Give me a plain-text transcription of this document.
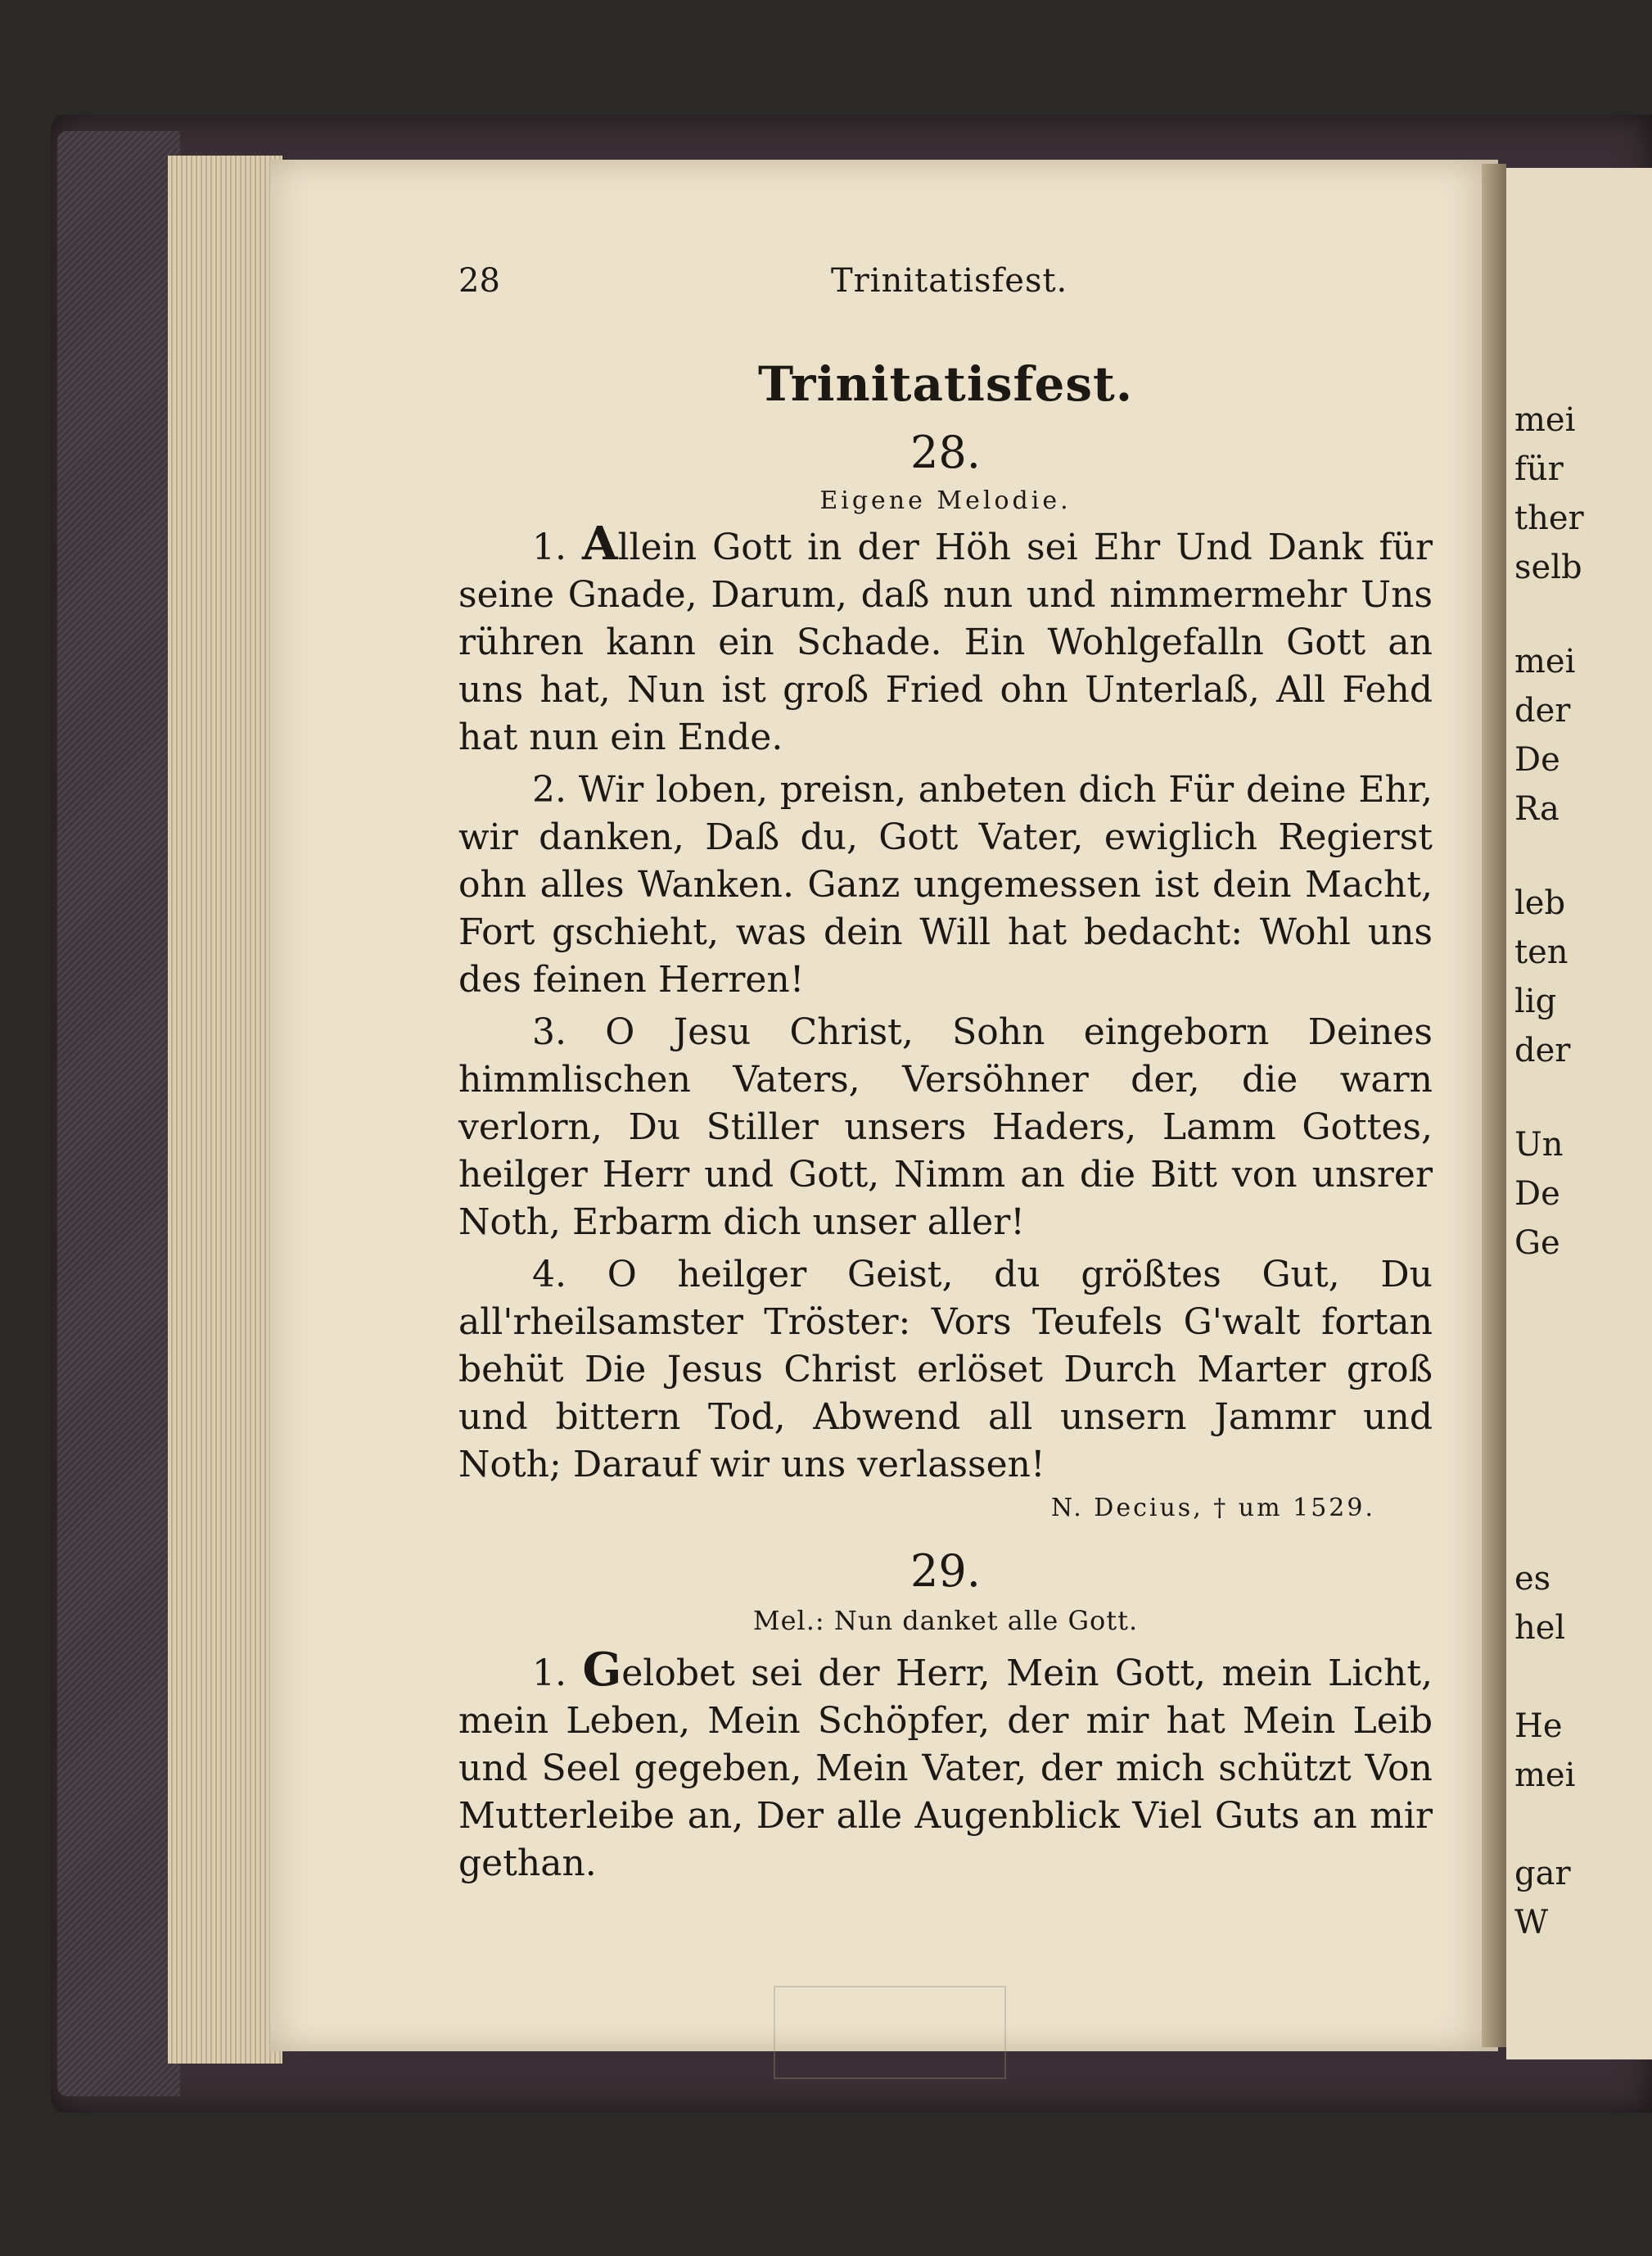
mei
für
ther
selb
mei
der
De
Ra
leb
ten
lig
der
Un
De
Ge
es
hel
He
mei
gar
W
28	Trinitatisfest.
Trinitatisfest.
28.
Eigene Melodie.

1. Allein Gott in der Höh sei Ehr Und Dank für seine Gnade, Darum, daß nun und nimmermehr Uns rühren kann ein Schade. Ein Wohlgefalln Gott an uns hat, Nun ist groß Fried ohn Unterlaß, All Fehd hat nun ein Ende.

2. Wir loben, preisn, anbeten dich Für deine Ehr, wir danken, Daß du, Gott Vater, ewiglich Regierst ohn alles Wanken. Ganz ungemessen ist dein Macht, Fort gschieht, was dein Will hat bedacht: Wohl uns des feinen Herren!

3. O Jesu Christ, Sohn eingeborn Deines himmlischen Vaters, Versöhner der, die warn verlorn, Du Stiller unsers Haders, Lamm Gottes, heilger Herr und Gott, Nimm an die Bitt von unsrer Noth, Erbarm dich unser aller!

4. O heilger Geist, du größtes Gut, Du all'rheilsamster Tröster: Vors Teufels G'walt fortan behüt Die Jesus Christ erlöset Durch Marter groß und bittern Tod, Abwend all unsern Jammr und Noth; Darauf wir uns verlassen!

N. Decius, † um 1529.
29.
Mel.: Nun danket alle Gott.

1. Gelobet sei der Herr, Mein Gott, mein Licht, mein Leben, Mein Schöpfer, der mir hat Mein Leib und Seel gegeben, Mein Vater, der mich schützt Von Mutterleibe an, Der alle Augenblick Viel Guts an mir gethan.
